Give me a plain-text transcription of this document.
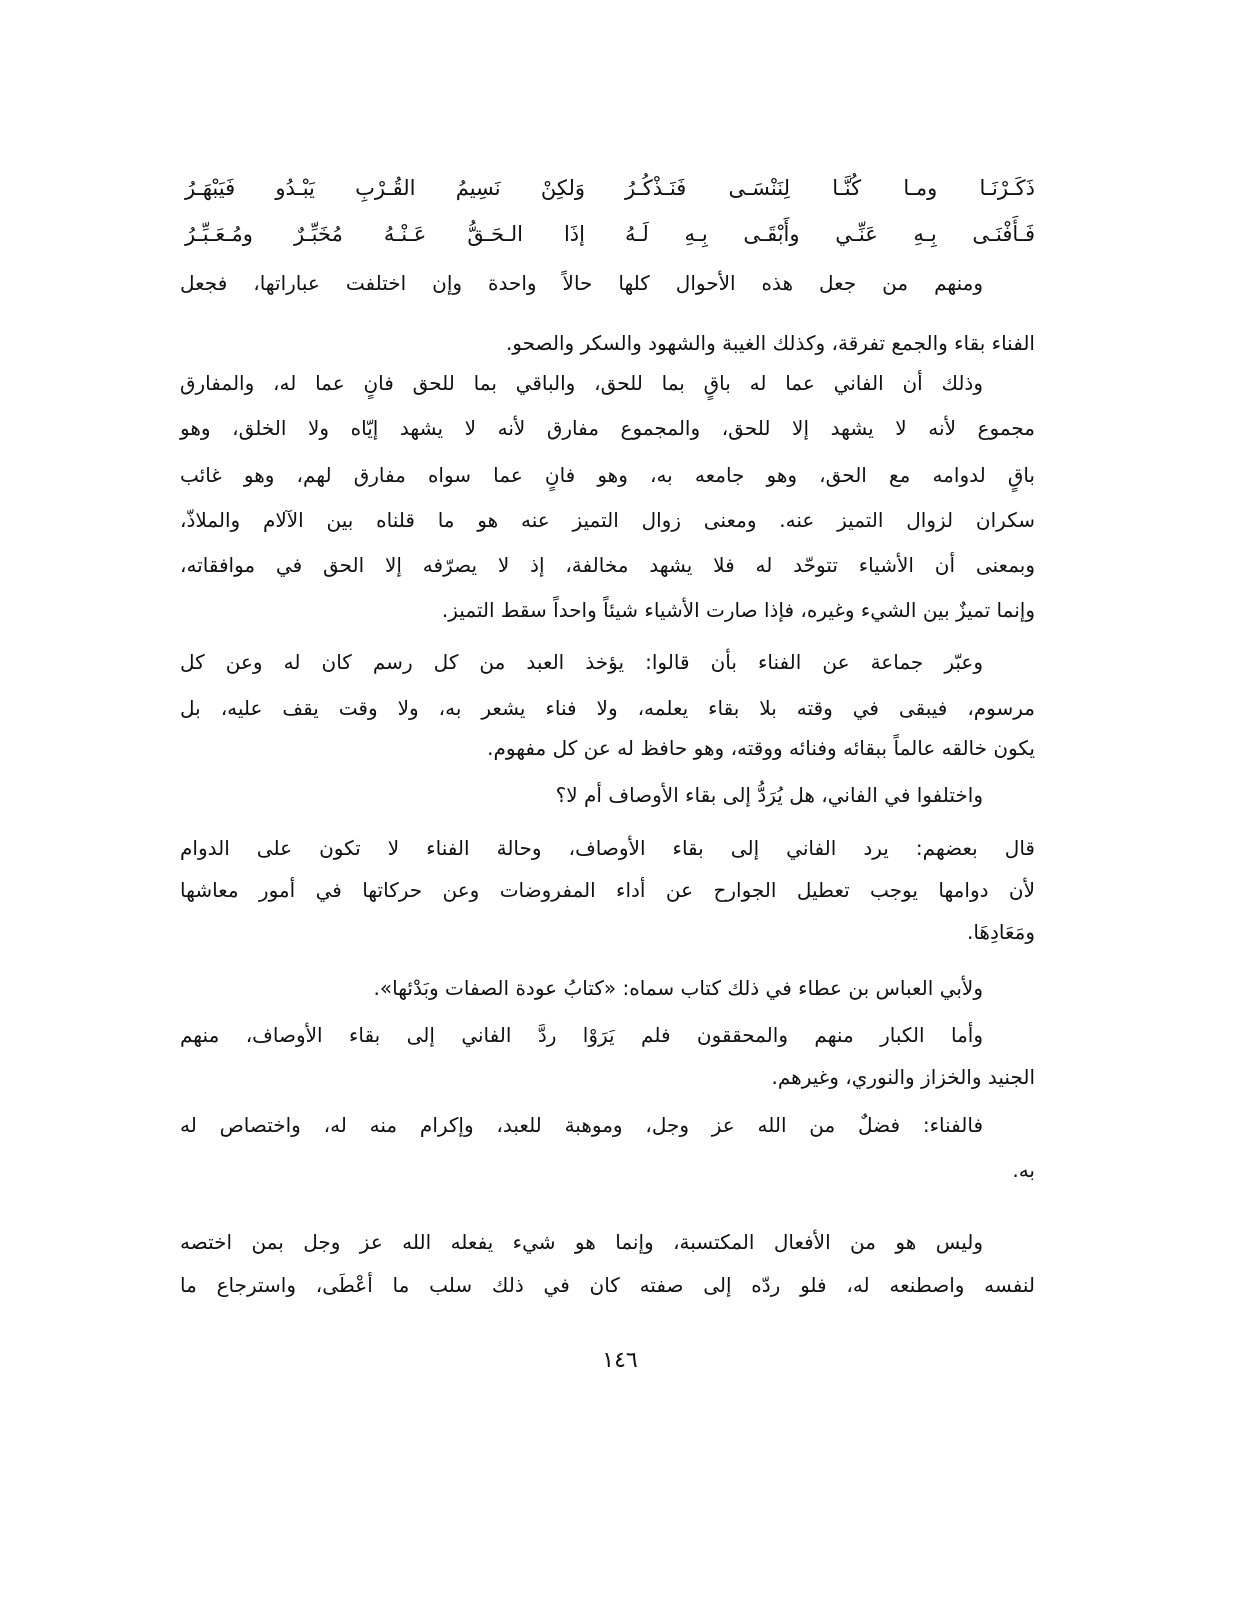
ذَكَـرْنَـا ومـا كُنَّـا لِنَنْسَـى فَنَـذْكُـرُ
وَلكِنْ نَسِيمُ القُـرْبِ يَبْـدُو فَيَبْهَـرُ
فَـأَفْنَـى بِـهِ عَنِّـي وأَبْقَـى بِـهِ لَـهُ
إذَا الـحَـقُّ عَـنْـهُ مُخَبِّـرٌ ومُـعَـبِّـرُ
ومنهم من جعل هذه الأحوال كلها حالاً واحدة وإن اختلفت عباراتها، فجعل
الفناء بقاء والجمع تفرقة، وكذلك الغيبة والشهود والسكر والصحو.
وذلك أن الفاني عما له باقٍ بما للحق، والباقي بما للحق فانٍ عما له، والمفارق
مجموع لأنه لا يشهد إلا للحق، والمجموع مفارق لأنه لا يشهد إيّاه ولا الخلق، وهو
باقٍ لدوامه مع الحق، وهو جامعه به، وهو فانٍ عما سواه مفارق لهم، وهو غائب
سكران لزوال التميز عنه. ومعنى زوال التميز عنه هو ما قلناه بين الآلام والملاذّ،
وبمعنى أن الأشياء تتوحّد له فلا يشهد مخالفة، إذ لا يصرّفه إلا الحق في موافقاته،
وإنما تميزٌ بين الشيء وغيره، فإذا صارت الأشياء شيئاً واحداً سقط التميز.
وعبّر جماعة عن الفناء بأن قالوا: يؤخذ العبد من كل رسم كان له وعن كل
مرسوم، فيبقى في وقته بلا بقاء يعلمه، ولا فناء يشعر به، ولا وقت يقف عليه، بل
يكون خالقه عالماً ببقائه وفنائه ووقته، وهو حافظ له عن كل مفهوم.
واختلفوا في الفاني، هل يُرَدُّ إلى بقاء الأوصاف أم لا؟
قال بعضهم: يرد الفاني إلى بقاء الأوصاف، وحالة الفناء لا تكون على الدوام
لأن دوامها يوجب تعطيل الجوارح عن أداء المفروضات وعن حركاتها في أمور معاشها
ومَعَادِهَا.
ولأبي العباس بن عطاء في ذلك كتاب سماه: «كتابُ عودة الصفات وبَدْئها».
وأما الكبار منهم والمحققون فلم يَرَوْا ردَّ الفاني إلى بقاء الأوصاف، منهم
الجنيد والخزاز والنوري، وغيرهم.
فالفناء: فضلٌ من الله عز وجل، وموهبة للعبد، وإكرام منه له، واختصاص له
به.
وليس هو من الأفعال المكتسبة، وإنما هو شيء يفعله الله عز وجل بمن اختصه
لنفسه واصطنعه له، فلو ردّه إلى صفته كان في ذلك سلب ما أعْطَى، واسترجاع ما
١٤٦
